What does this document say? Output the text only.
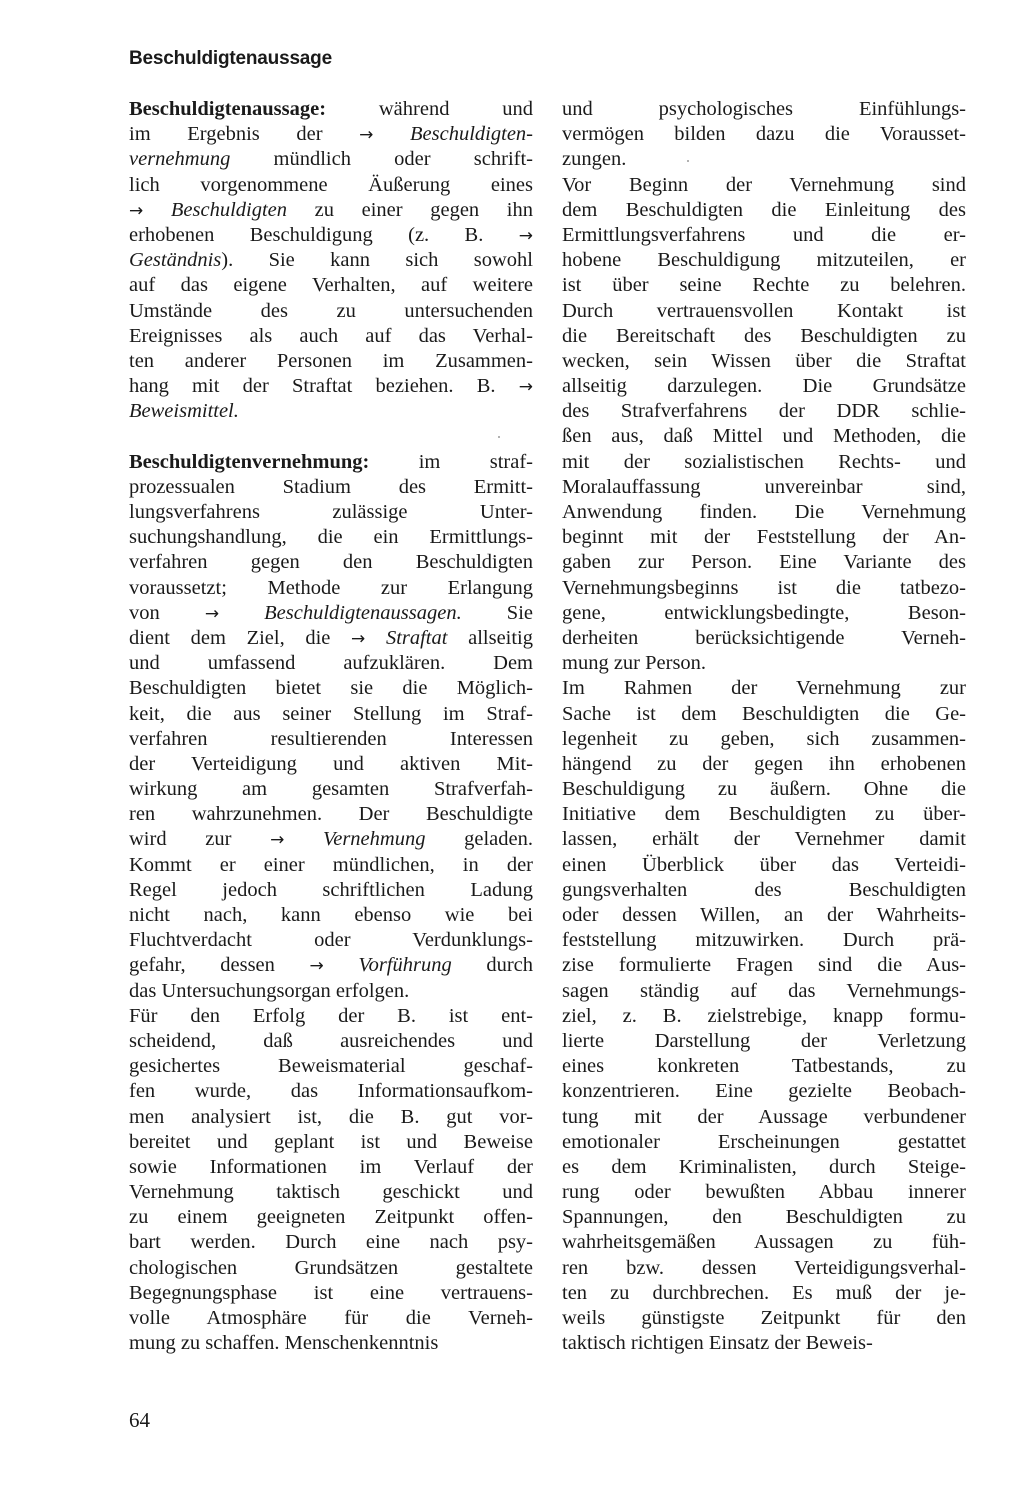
Beschuldigtenaussage
Beschuldigtenaussage: während und
im Ergebnis der → Beschuldigten-
vernehmung mündlich oder schrift-
lich vorgenommene Äußerung eines
→ Beschuldigten zu einer gegen ihn
erhobenen Beschuldigung (z. B. →
Geständnis). Sie kann sich sowohl
auf das eigene Verhalten, auf weitere
Umstände des zu untersuchenden
Ereignisses als auch auf das Verhal-
ten anderer Personen im Zusammen-
hang mit der Straftat beziehen. B. →
Beweismittel.
Beschuldigtenvernehmung: im straf-
prozessualen Stadium des Ermitt-
lungsverfahrens zulässige Unter-
suchungshandlung, die ein Ermittlungs-
verfahren gegen den Beschuldigten
voraussetzt; Methode zur Erlangung
von → Beschuldigtenaussagen. Sie
dient dem Ziel, die → Straftat allseitig
und umfassend aufzuklären. Dem
Beschuldigten bietet sie die Möglich-
keit, die aus seiner Stellung im Straf-
verfahren resultierenden Interessen
der Verteidigung und aktiven Mit-
wirkung am gesamten Strafverfah-
ren wahrzunehmen. Der Beschuldigte
wird zur → Vernehmung geladen.
Kommt er einer mündlichen, in der
Regel jedoch schriftlichen Ladung
nicht nach, kann ebenso wie bei
Fluchtverdacht oder Verdunklungs-
gefahr, dessen → Vorführung durch
das Untersuchungsorgan erfolgen.
Für den Erfolg der B. ist ent-
scheidend, daß ausreichendes und
gesichertes Beweismaterial geschaf-
fen wurde, das Informationsaufkom-
men analysiert ist, die B. gut vor-
bereitet und geplant ist und Beweise
sowie Informationen im Verlauf der
Vernehmung taktisch geschickt und
zu einem geeigneten Zeitpunkt offen-
bart werden. Durch eine nach psy-
chologischen Grundsätzen gestaltete
Begegnungsphase ist eine vertrauens-
volle Atmosphäre für die Verneh-
mung zu schaffen. Menschenkenntnis
und psychologisches Einfühlungs-
vermögen bilden dazu die Vorausset-
zungen.
Vor Beginn der Vernehmung sind
dem Beschuldigten die Einleitung des
Ermittlungsverfahrens und die er-
hobene Beschuldigung mitzuteilen, er
ist über seine Rechte zu belehren.
Durch vertrauensvollen Kontakt ist
die Bereitschaft des Beschuldigten zu
wecken, sein Wissen über die Straftat
allseitig darzulegen. Die Grundsätze
des Strafverfahrens der DDR schlie-
ßen aus, daß Mittel und Methoden, die
mit der sozialistischen Rechts- und
Moralauffassung unvereinbar sind,
Anwendung finden. Die Vernehmung
beginnt mit der Feststellung der An-
gaben zur Person. Eine Variante des
Vernehmungsbeginns ist die tatbezo-
gene, entwicklungsbedingte, Beson-
derheiten berücksichtigende Verneh-
mung zur Person.
Im Rahmen der Vernehmung zur
Sache ist dem Beschuldigten die Ge-
legenheit zu geben, sich zusammen-
hängend zu der gegen ihn erhobenen
Beschuldigung zu äußern. Ohne die
Initiative dem Beschuldigten zu über-
lassen, erhält der Vernehmer damit
einen Überblick über das Verteidi-
gungsverhalten des Beschuldigten
oder dessen Willen, an der Wahrheits-
feststellung mitzuwirken. Durch prä-
zise formulierte Fragen sind die Aus-
sagen ständig auf das Vernehmungs-
ziel, z. B. zielstrebige, knapp formu-
lierte Darstellung der Verletzung
eines konkreten Tatbestands, zu
konzentrieren. Eine gezielte Beobach-
tung mit der Aussage verbundener
emotionaler Erscheinungen gestattet
es dem Kriminalisten, durch Steige-
rung oder bewußten Abbau innerer
Spannungen, den Beschuldigten zu
wahrheitsgemäßen Aussagen zu füh-
ren bzw. dessen Verteidigungsverhal-
ten zu durchbrechen. Es muß der je-
weils günstigste Zeitpunkt für den
taktisch richtigen Einsatz der Beweis-
64
